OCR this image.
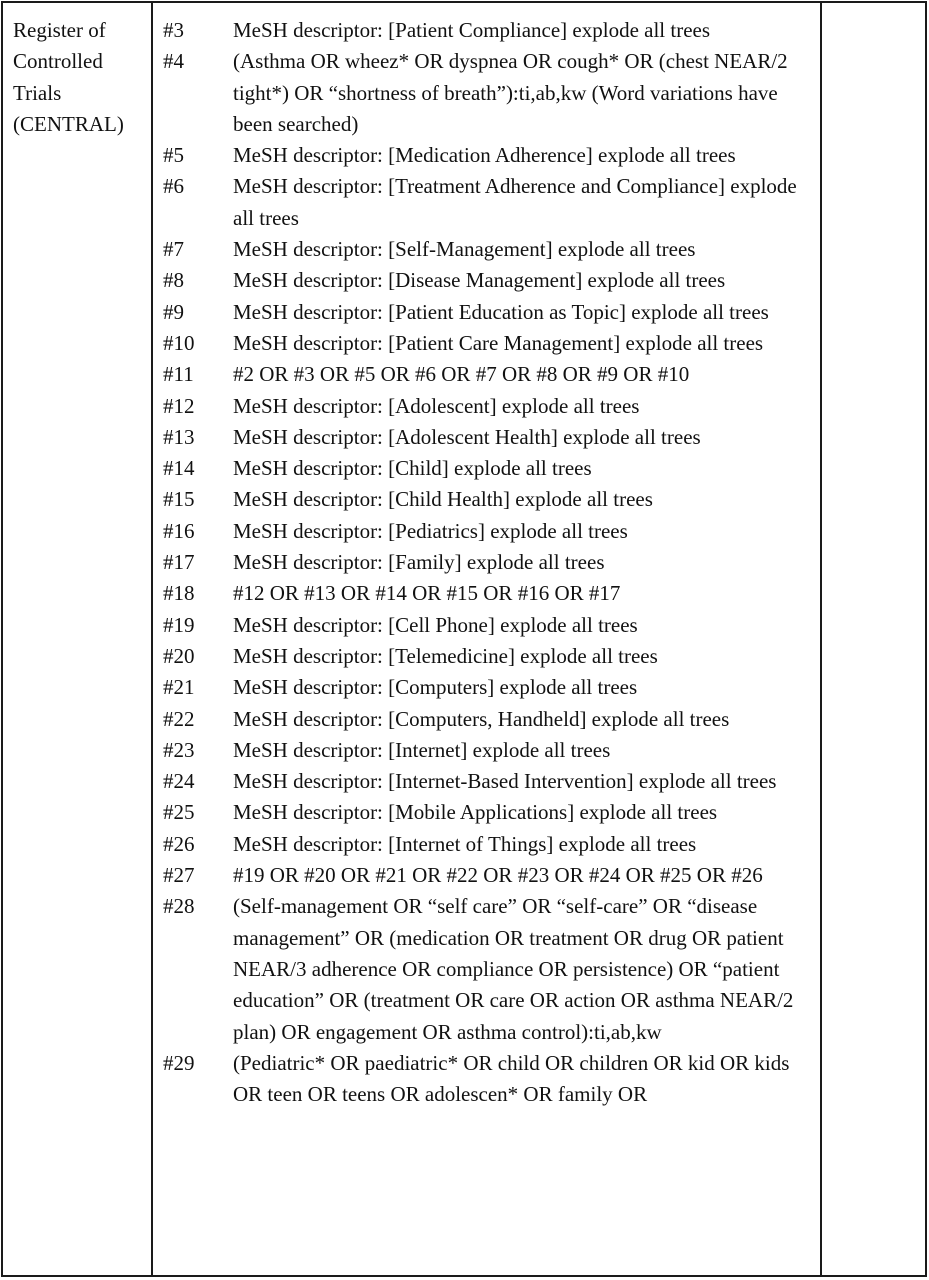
Register of
Controlled
Trials
(CENTRAL)
#3	MeSH descriptor: [Patient Compliance] explode all trees
#4	(Asthma OR wheez* OR dyspnea OR cough* OR (chest NEAR/2 tight*) OR “shortness of breath”):ti,ab,kw (Word variations have been searched)
#5	MeSH descriptor: [Medication Adherence] explode all trees
#6	MeSH descriptor: [Treatment Adherence and Compliance] explode all trees
#7	MeSH descriptor: [Self-Management] explode all trees
#8	MeSH descriptor: [Disease Management] explode all trees
#9	MeSH descriptor: [Patient Education as Topic] explode all trees
#10	MeSH descriptor: [Patient Care Management] explode all trees
#11	#2 OR #3 OR #5 OR #6 OR #7 OR #8 OR #9 OR #10
#12	MeSH descriptor: [Adolescent] explode all trees
#13	MeSH descriptor: [Adolescent Health] explode all trees
#14	MeSH descriptor: [Child] explode all trees
#15	MeSH descriptor: [Child Health] explode all trees
#16	MeSH descriptor: [Pediatrics] explode all trees
#17	MeSH descriptor: [Family] explode all trees
#18	#12 OR #13 OR #14 OR #15 OR #16 OR #17
#19	MeSH descriptor: [Cell Phone] explode all trees
#20	MeSH descriptor: [Telemedicine] explode all trees
#21	MeSH descriptor: [Computers] explode all trees
#22	MeSH descriptor: [Computers, Handheld] explode all trees
#23	MeSH descriptor: [Internet] explode all trees
#24	MeSH descriptor: [Internet-Based Intervention] explode all trees
#25	MeSH descriptor: [Mobile Applications] explode all trees
#26	MeSH descriptor: [Internet of Things] explode all trees
#27	#19 OR #20 OR #21 OR #22 OR #23 OR #24 OR #25 OR #26
#28	(Self-management OR “self care” OR “self-care” OR “disease management” OR (medication OR treatment OR drug OR patient NEAR/3 adherence OR compliance OR persistence) OR “patient education” OR (treatment OR care OR action OR asthma NEAR/2 plan) OR engagement OR asthma control):ti,ab,kw
#29	(Pediatric* OR paediatric* OR child OR children OR kid OR kids OR teen OR teens OR adolescen* OR family OR
